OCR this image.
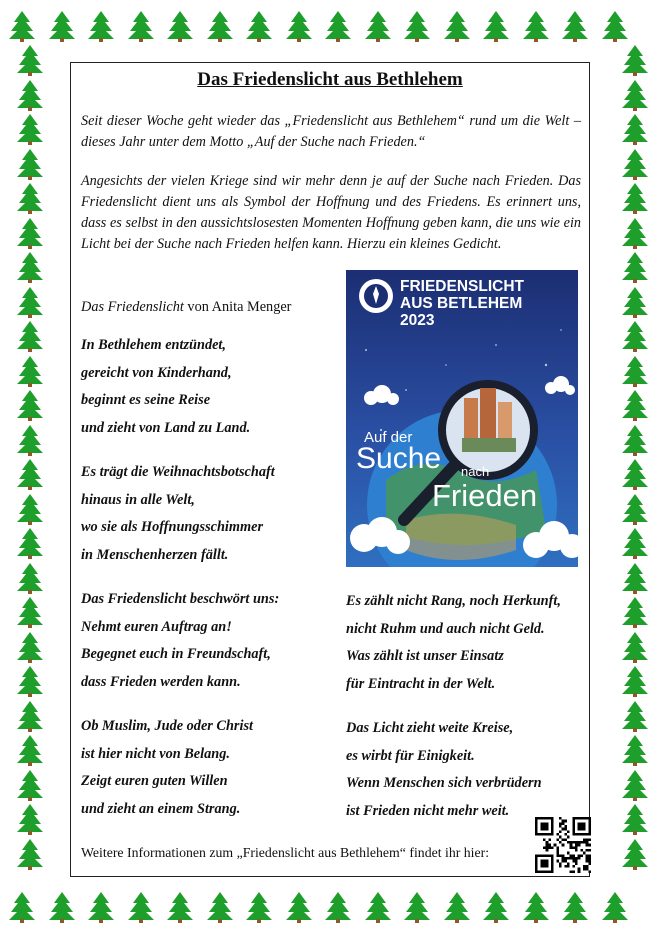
Das Friedenslicht aus Bethlehem
Seit dieser Woche geht wieder das „Friedenslicht aus Bethlehem“ rund um die Welt – dieses Jahr unter dem Motto „Auf der Suche nach Frieden.“
Angesichts der vielen Kriege sind wir mehr denn je auf der Suche nach Frieden. Das Friedenslicht dient uns als Symbol der Hoffnung und des Friedens. Es erinnert uns, dass es selbst in den aussichtslosesten Momenten Hoffnung geben kann, die uns wie ein Licht bei der Suche nach Frieden helfen kann. Hierzu ein kleines Gedicht.
Das Friedenslicht von Anita Menger
In Bethlehem entzündet,
gereicht von Kinderhand,
beginnt es seine Reise
und zieht von Land zu Land.
Es trägt die Weihnachtsbotschaft
hinaus in alle Welt,
wo sie als Hoffnungsschimmer
in Menschenherzen fällt.
Das Friedenslicht beschwört uns:
Nehmt euren Auftrag an!
Begegnet euch in Freundschaft,
dass Frieden werden kann.
Ob Muslim, Jude oder Christ
ist hier nicht von Belang.
Zeigt euren guten Willen
und zieht an einem Strang.
Es zählt nicht Rang, noch Herkunft,
nicht Ruhm und auch nicht Geld.
Was zählt ist unser Einsatz
für Eintracht in der Welt.
Das Licht zieht weite Kreise,
es wirbt für Einigkeit.
Wenn Menschen sich verbrüdern
ist Frieden nicht mehr weit.
FRIEDENSLICHT
AUS BETLEHEM
2023
Auf der
Suche nach
Frieden
Weitere Informationen zum „Friedenslicht aus Bethlehem“ findet ihr hier:
